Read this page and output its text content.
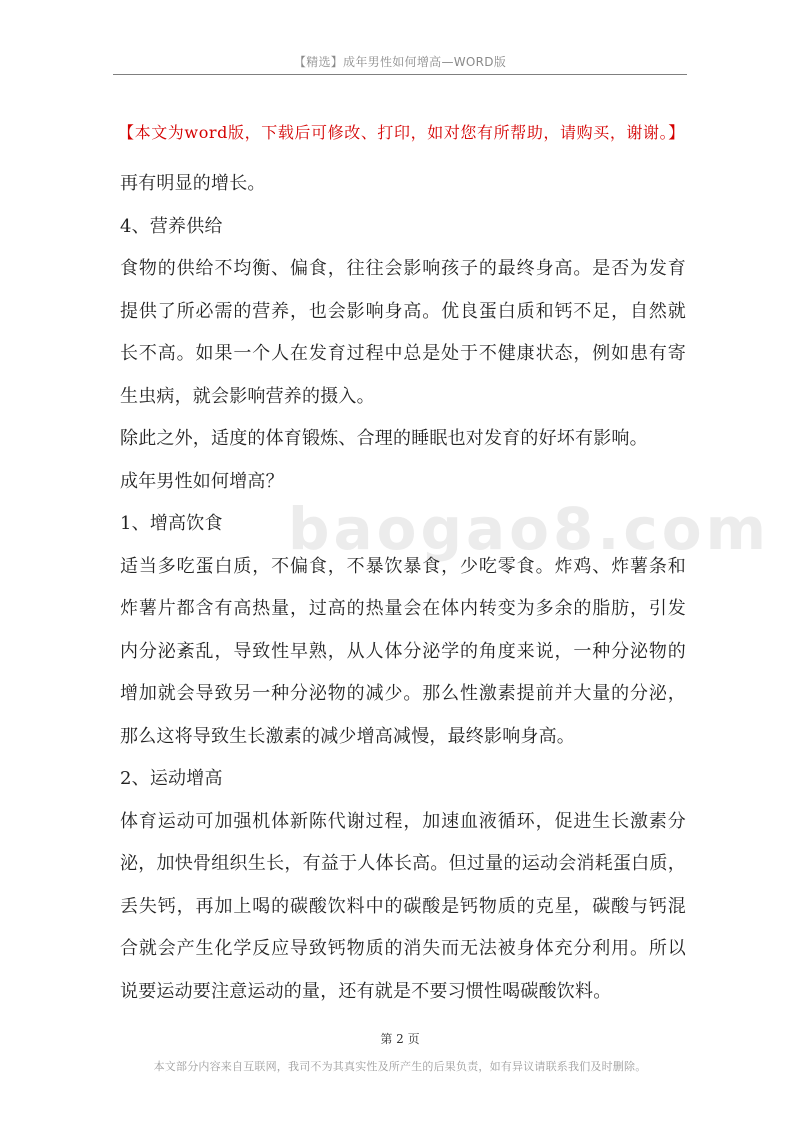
【精选】成年男性如何增高—WORD版
【本文为word版，下载后可修改、打印，如对您有所帮助，请购买，谢谢。】
baogao8.com
再有明显的增长。
4、营养供给
食物的供给不均衡、偏食，往往会影响孩子的最终身高。是否为发育
提供了所必需的营养，也会影响身高。优良蛋白质和钙不足，自然就
长不高。如果一个人在发育过程中总是处于不健康状态，例如患有寄
生虫病，就会影响营养的摄入。
除此之外，适度的体育锻炼、合理的睡眠也对发育的好坏有影响。
成年男性如何增高？
1、增高饮食
适当多吃蛋白质，不偏食，不暴饮暴食，少吃零食。炸鸡、炸薯条和
炸薯片都含有高热量，过高的热量会在体内转变为多余的脂肪，引发
内分泌紊乱，导致性早熟，从人体分泌学的角度来说，一种分泌物的
增加就会导致另一种分泌物的减少。那么性激素提前并大量的分泌，
那么这将导致生长激素的减少增高减慢，最终影响身高。
2、运动增高
体育运动可加强机体新陈代谢过程，加速血液循环，促进生长激素分
泌，加快骨组织生长，有益于人体长高。但过量的运动会消耗蛋白质，
丢失钙，再加上喝的碳酸饮料中的碳酸是钙物质的克星，碳酸与钙混
合就会产生化学反应导致钙物质的消失而无法被身体充分利用。所以
说要运动要注意运动的量，还有就是不要习惯性喝碳酸饮料。
第 2 页
本文部分内容来自互联网，我司不为其真实性及所产生的后果负责，如有异议请联系我们及时删除。
